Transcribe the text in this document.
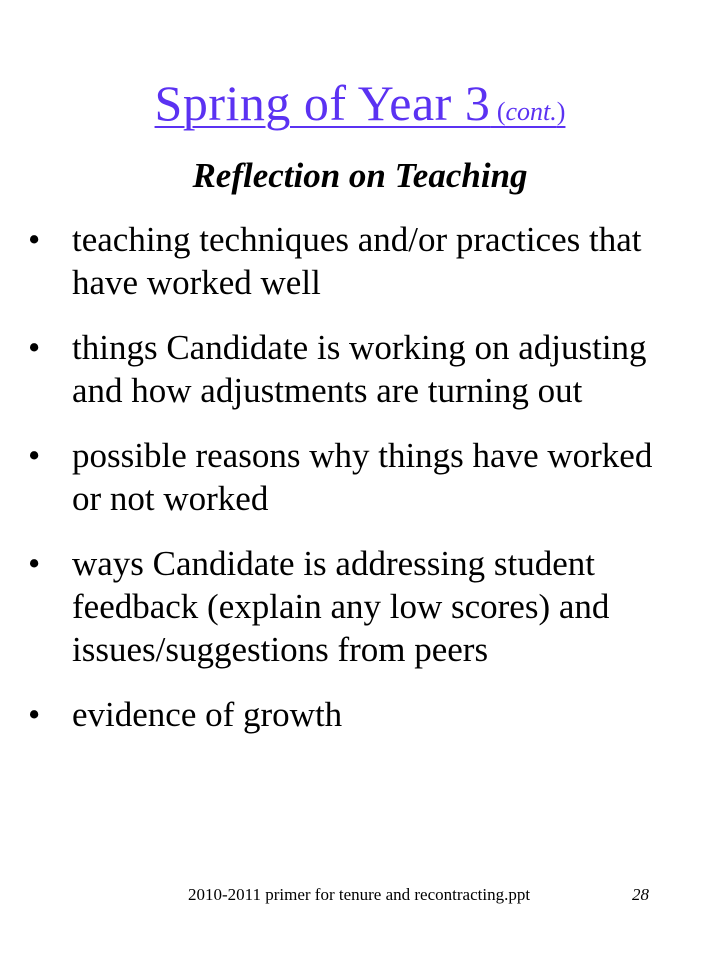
Spring of Year 3 (cont.)
Reflection on Teaching
• teaching techniques and/or practices that have worked well
• things Candidate is working on adjusting and how adjustments are turning out
• possible reasons why things have worked or not worked
• ways Candidate is addressing student feedback (explain any low scores) and issues/suggestions from peers
• evidence of growth
2010-2011 primer for tenure and recontracting.ppt	28
